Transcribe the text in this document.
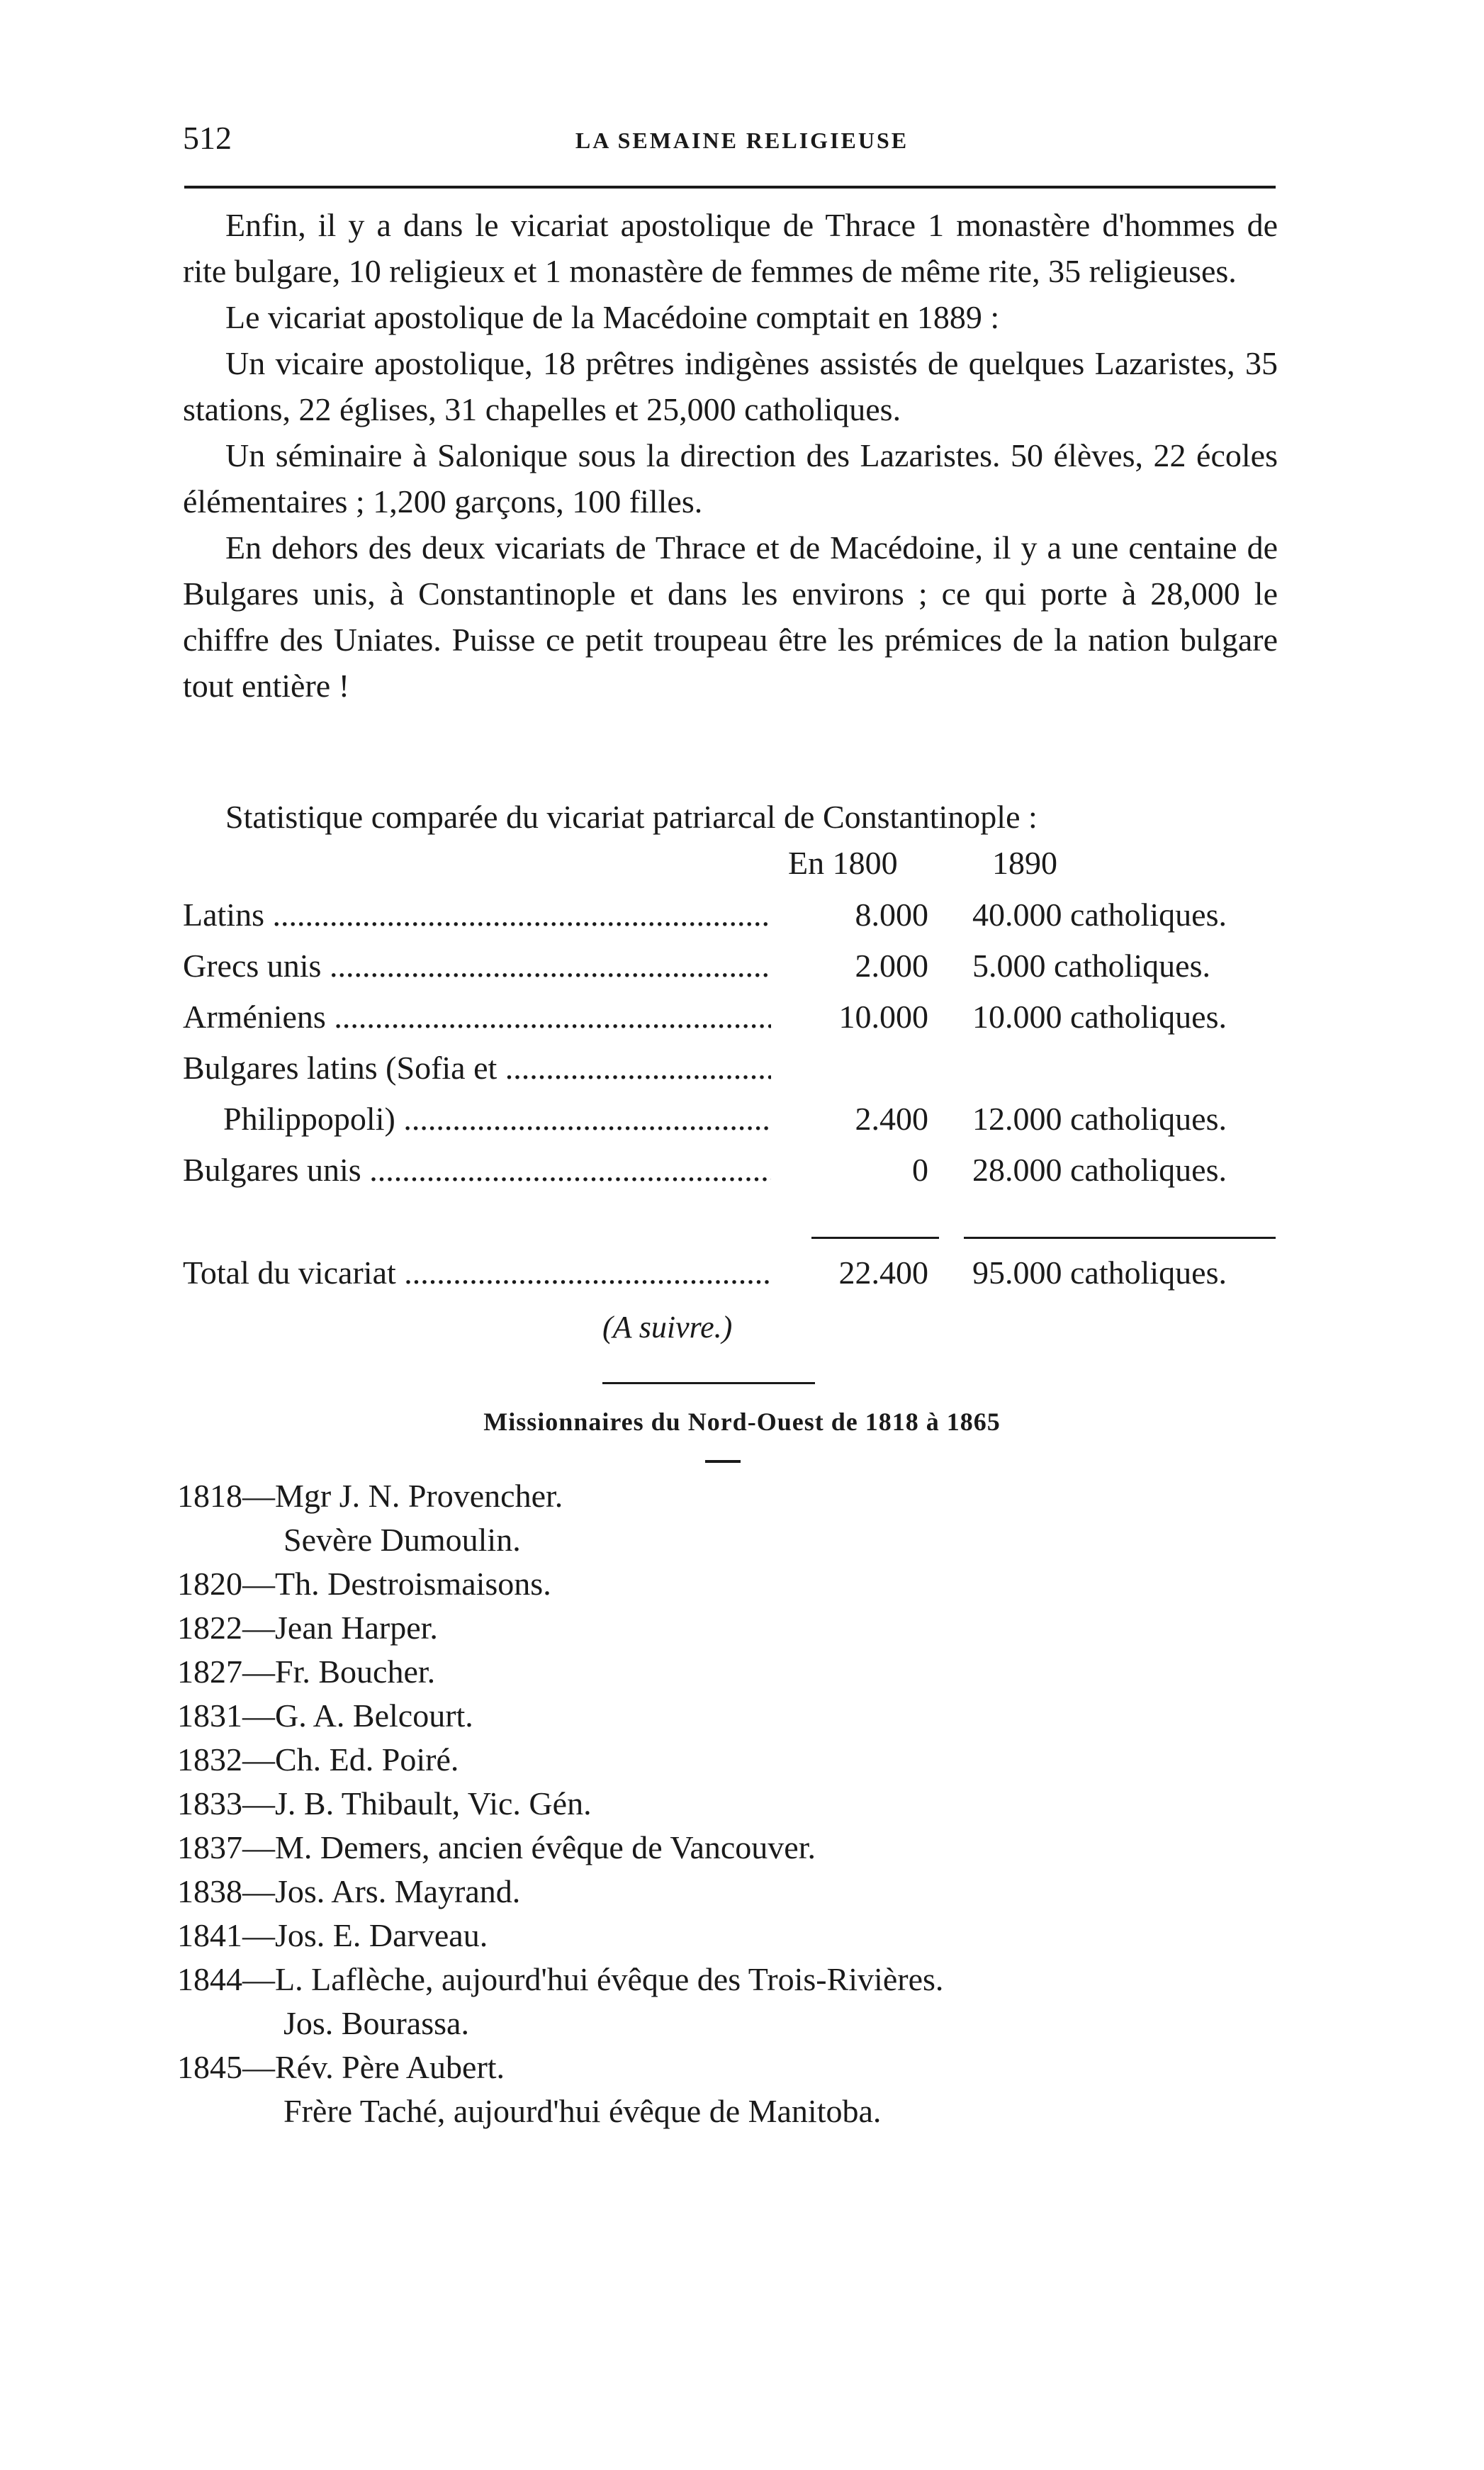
512	LA SEMAINE RELIGIEUSE

Enfin, il y a dans le vicariat apostolique de Thrace 1 monastère d'hommes de rite bulgare, 10 religieux et 1 monastère de femmes de même rite, 35 religieuses.

Le vicariat apostolique de la Macédoine comptait en 1889 :

Un vicaire apostolique, 18 prêtres indigènes assistés de quelques Lazaristes, 35 stations, 22 églises, 31 chapelles et 25,000 catholiques.

Un séminaire à Salonique sous la direction des Lazaristes. 50 élèves, 22 écoles élémentaires ; 1,200 garçons, 100 filles.

En dehors des deux vicariats de Thrace et de Macédoine, il y a une centaine de Bulgares unis, à Constantinople et dans les environs ; ce qui porte à 28,000 le chiffre des Uniates. Puisse ce petit troupeau être les prémices de la nation bulgare tout entière !

Statistique comparée du vicariat patriarcal de Constantinople :
En 1800	1890
Latins .....	8.000 40.000 catholiques.
Grecs unis .....	2.000 5.000 catholiques.
Arméniens .....	10.000 10.000 catholiques.
Bulgares latins (Sofia et .....
Philippopoli) .....	2.400 12.000 catholiques.
Bulgares unis .....	0 28.000 catholiques.
Total du vicariat .....	22.400 95.000 catholiques.
(A suivre.)
Missionnaires du Nord-Ouest de 1818 à 1865
1818—Mgr J. N. Provencher.
Sevère Dumoulin.
1820—Th. Destroismaisons.
1822—Jean Harper.
1827—Fr. Boucher.
1831—G. A. Belcourt.
1832—Ch. Ed. Poiré.
1833—J. B. Thibault, Vic. Gén.
1837—M. Demers, ancien évêque de Vancouver.
1838—Jos. Ars. Mayrand.
1841—Jos. E. Darveau.
1844—L. Laflèche, aujourd'hui évêque des Trois-Rivières.
Jos. Bourassa.
1845—Rév. Père Aubert.
Frère Taché, aujourd'hui évêque de Manitoba.
